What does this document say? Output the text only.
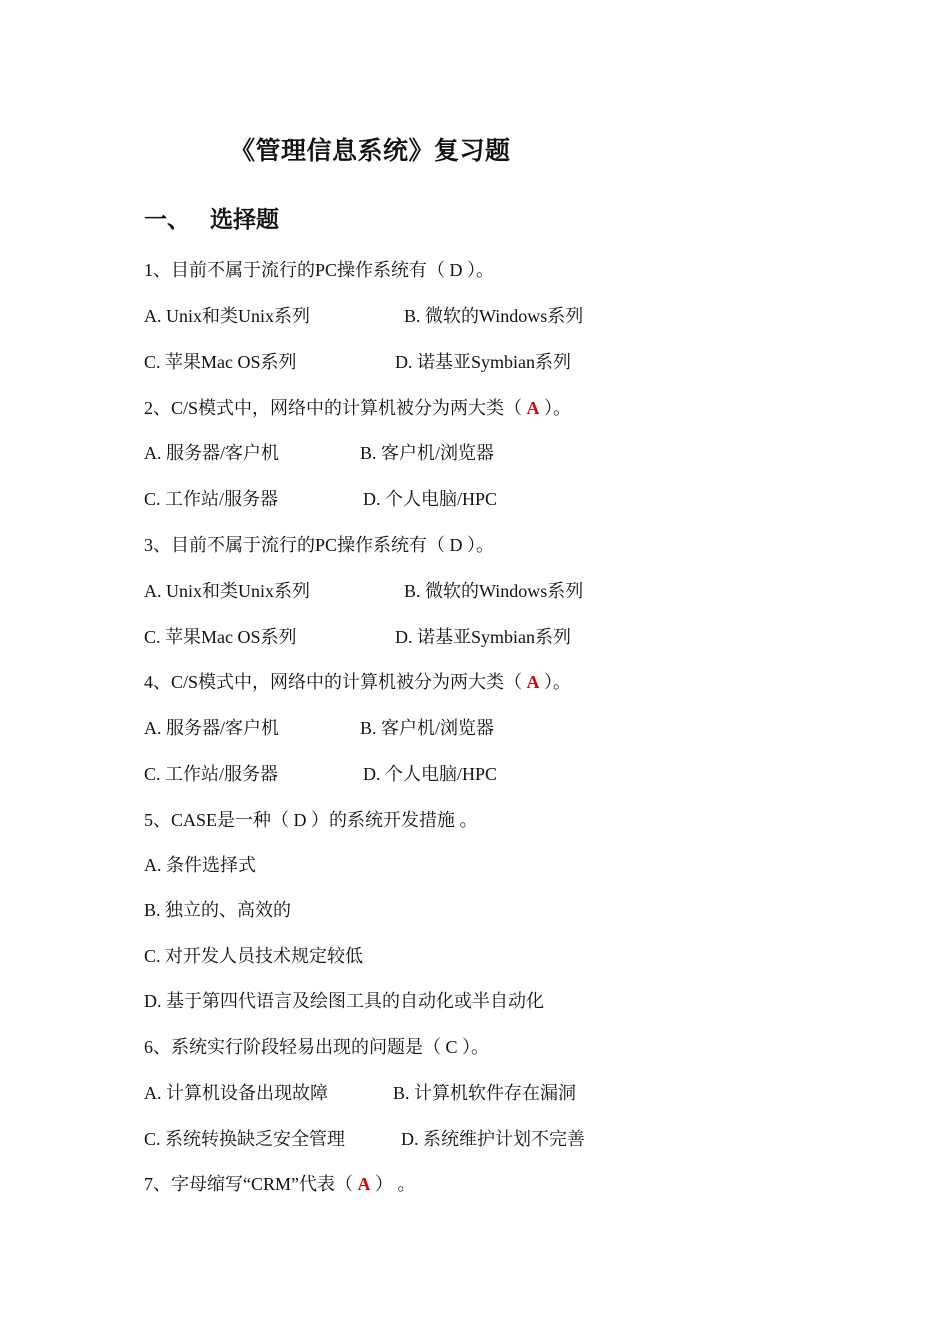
《管理信息系统》复习题
一、 选择题
1、目前不属于流行的PC操作系统有（ D ）。
A. Unix和类Unix系列	B. 微软的Windows系列
C. 苹果Mac OS系列	D. 诺基亚Symbian系列
2、C/S模式中，网络中的计算机被分为两大类（ A ）。
A. 服务器/客户机	B. 客户机/浏览器
C. 工作站/服务器	D. 个人电脑/HPC
3、目前不属于流行的PC操作系统有（ D ）。
A. Unix和类Unix系列	B. 微软的Windows系列
C. 苹果Mac OS系列	D. 诺基亚Symbian系列
4、C/S模式中，网络中的计算机被分为两大类（ A ）。
A. 服务器/客户机	B. 客户机/浏览器
C. 工作站/服务器	D. 个人电脑/HPC
5、CASE是一种（ D ）的系统开发措施 。
A. 条件选择式
B. 独立的、高效的
C. 对开发人员技术规定较低
D. 基于第四代语言及绘图工具的自动化或半自动化
6、系统实行阶段轻易出现的问题是（ C ）。
A. 计算机设备出现故障	B. 计算机软件存在漏洞
C. 系统转换缺乏安全管理	D. 系统维护计划不完善
7、字母缩写“CRM”代表（ A ） 。
